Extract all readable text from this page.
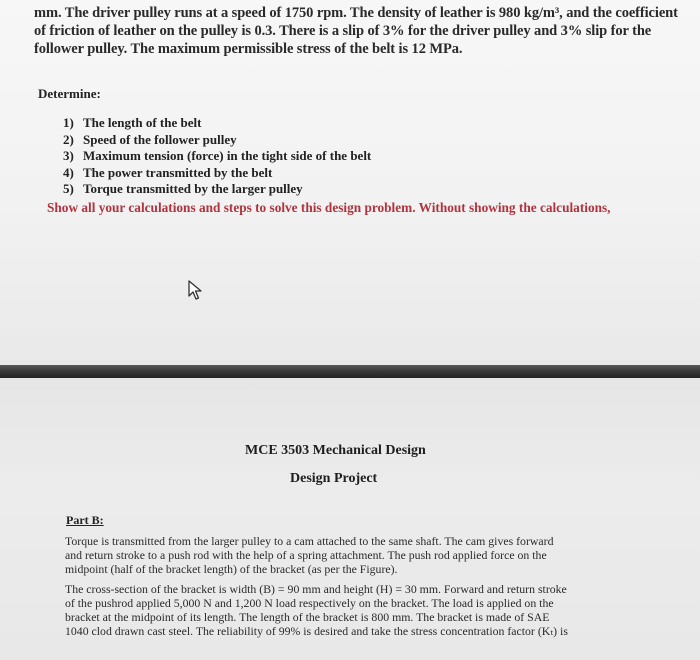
mm. The driver pulley runs at a speed of 1750 rpm. The density of leather is 980 kg/m³, and the coefficient
of friction of leather on the pulley is 0.3. There is a slip of 3% for the driver pulley and 3% slip for the
follower pulley. The maximum permissible stress of the belt is 12 MPa.
Determine:
1) The length of the belt
2) Speed of the follower pulley
3) Maximum tension (force) in the tight side of the belt
4) The power transmitted by the belt
5) Torque transmitted by the larger pulley
Show all your calculations and steps to solve this design problem. Without showing the calculations,
MCE 3503 Mechanical Design
Design Project
Part B:
Torque is transmitted from the larger pulley to a cam attached to the same shaft. The cam gives forward
and return stroke to a push rod with the help of a spring attachment. The push rod applied force on the
midpoint (half of the bracket length) of the bracket (as per the Figure).
The cross-section of the bracket is width (B) = 90 mm and height (H) = 30 mm. Forward and return stroke
of the pushrod applied 5,000 N and 1,200 N load respectively on the bracket. The load is applied on the
bracket at the midpoint of its length. The length of the bracket is 800 mm. The bracket is made of SAE
1040 clod drawn cast steel. The reliability of 99% is desired and take the stress concentration factor (Kₜ) is
